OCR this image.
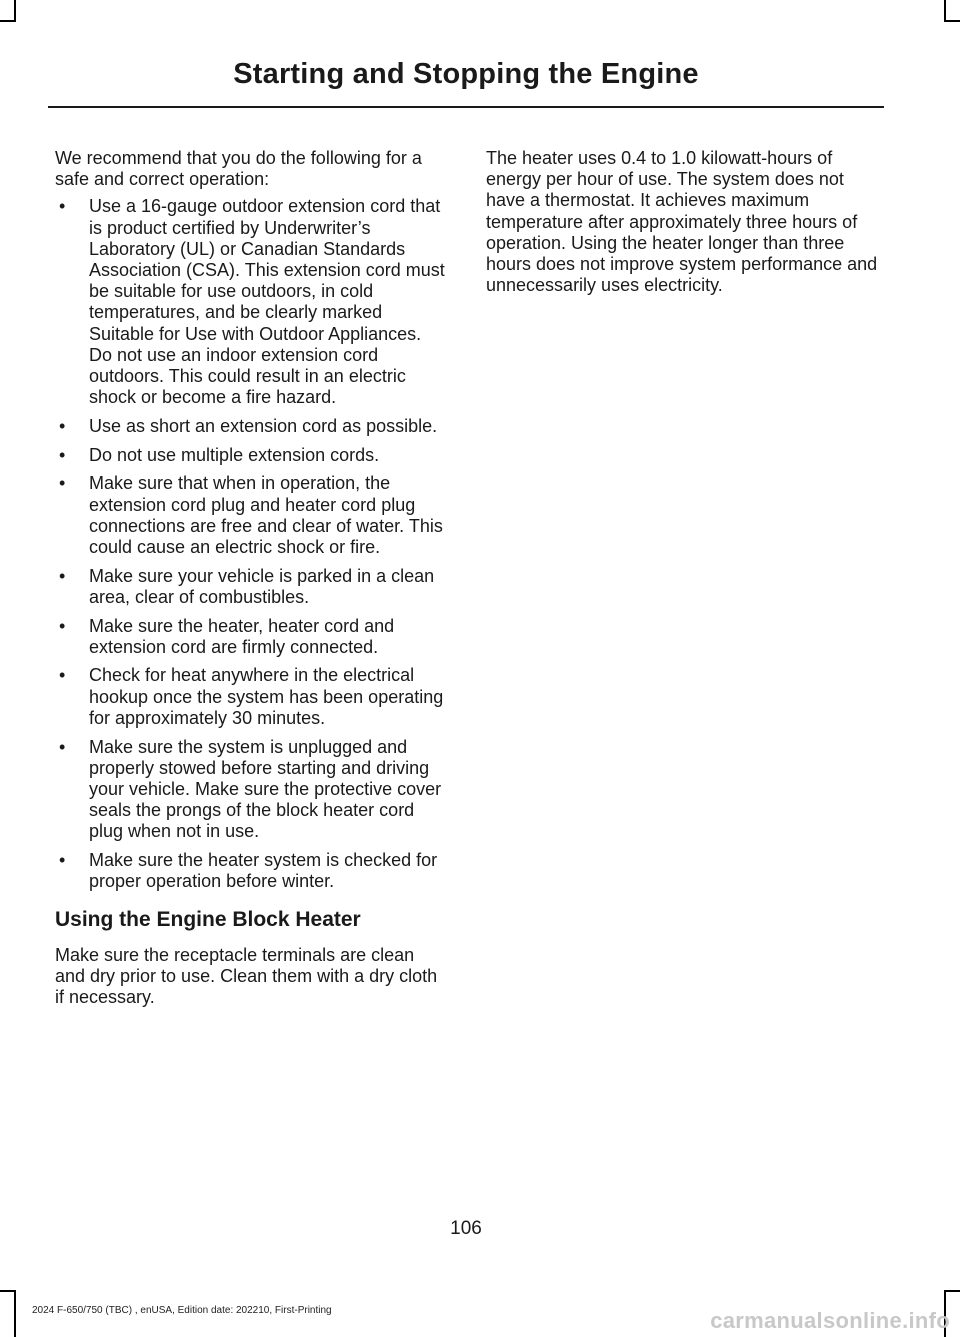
Starting and Stopping the Engine

We recommend that you do the following for a safe and correct operation:

• Use a 16-gauge outdoor extension cord that is product certified by Underwriter’s Laboratory (UL) or Canadian Standards Association (CSA). This extension cord must be suitable for use outdoors, in cold temperatures, and be clearly marked Suitable for Use with Outdoor Appliances. Do not use an indoor extension cord outdoors. This could result in an electric shock or become a fire hazard.
• Use as short an extension cord as possible.
• Do not use multiple extension cords.
• Make sure that when in operation, the extension cord plug and heater cord plug connections are free and clear of water. This could cause an electric shock or fire.
• Make sure your vehicle is parked in a clean area, clear of combustibles.
• Make sure the heater, heater cord and extension cord are firmly connected.
• Check for heat anywhere in the electrical hookup once the system has been operating for approximately 30 minutes.
• Make sure the system is unplugged and properly stowed before starting and driving your vehicle. Make sure the protective cover seals the prongs of the block heater cord plug when not in use.
• Make sure the heater system is checked for proper operation before winter.
Using the Engine Block Heater

Make sure the receptacle terminals are clean and dry prior to use. Clean them with a dry cloth if necessary.

The heater uses 0.4 to 1.0 kilowatt-hours of energy per hour of use. The system does not have a thermostat. It achieves maximum temperature after approximately three hours of operation. Using the heater longer than three hours does not improve system performance and unnecessarily uses electricity.

106
2024 F-650/750 (TBC) , enUSA, Edition date: 202210, First-Printing	carmanualsonline.info
